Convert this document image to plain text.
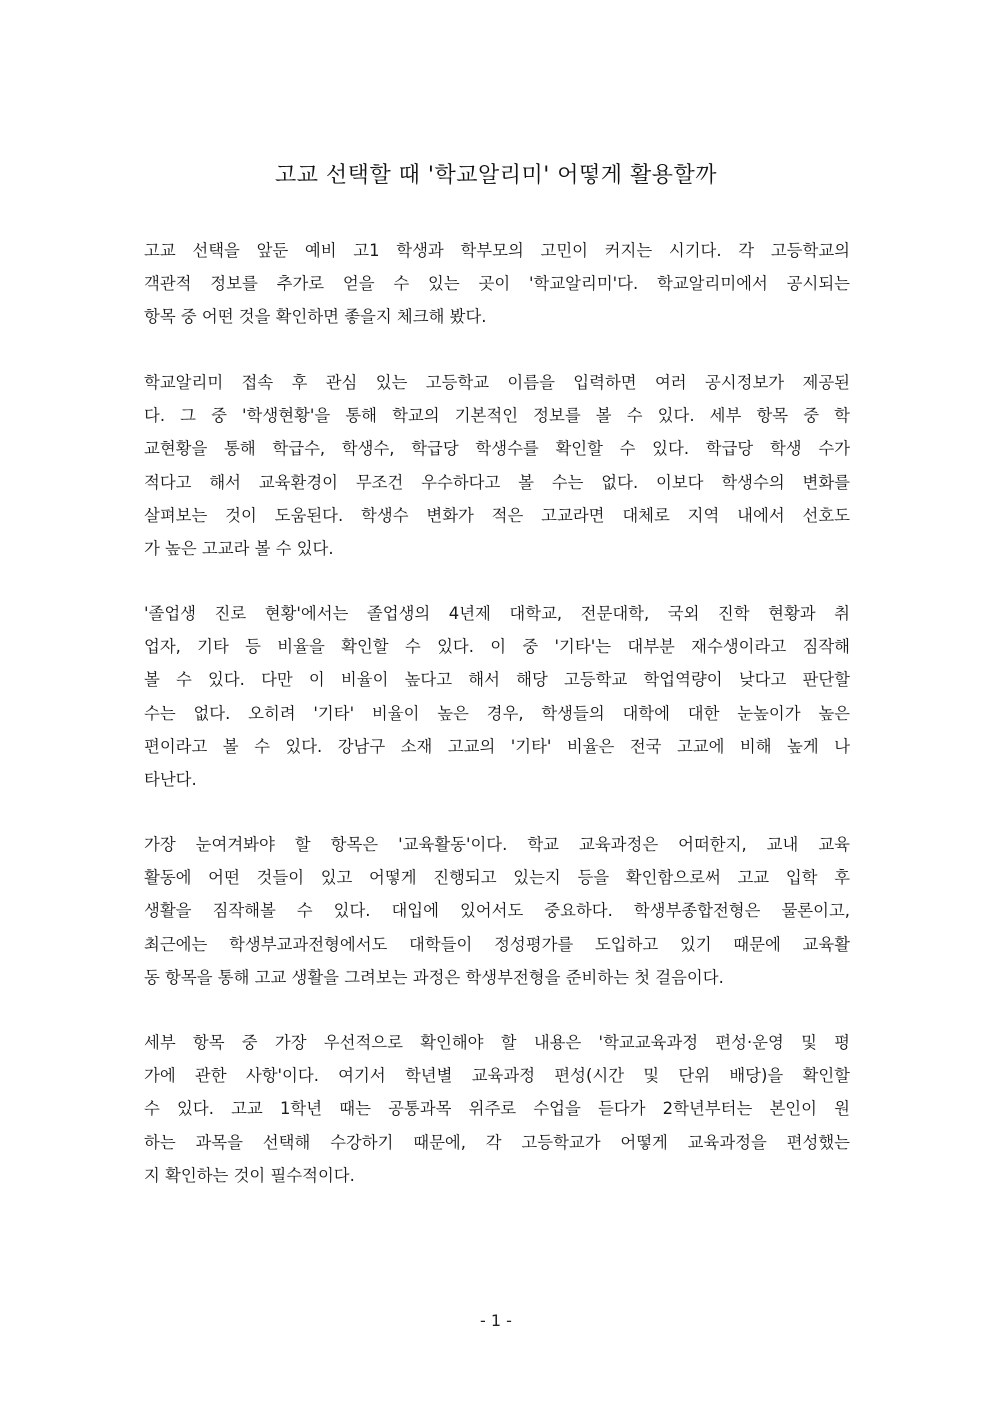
고교 선택할 때 '학교알리미' 어떻게 활용할까
고교 선택을 앞둔 예비 고1 학생과 학부모의 고민이 커지는 시기다. 각 고등학교의
객관적 정보를 추가로 얻을 수 있는 곳이 '학교알리미'다. 학교알리미에서 공시되는
항목 중 어떤 것을 확인하면 좋을지 체크해 봤다.
학교알리미 접속 후 관심 있는 고등학교 이름을 입력하면 여러 공시정보가 제공된
다. 그 중 '학생현황'을 통해 학교의 기본적인 정보를 볼 수 있다. 세부 항목 중 학
교현황을 통해 학급수, 학생수, 학급당 학생수를 확인할 수 있다. 학급당 학생 수가
적다고 해서 교육환경이 무조건 우수하다고 볼 수는 없다. 이보다 학생수의 변화를
살펴보는 것이 도움된다. 학생수 변화가 적은 고교라면 대체로 지역 내에서 선호도
가 높은 고교라 볼 수 있다.
'졸업생 진로 현황'에서는 졸업생의 4년제 대학교, 전문대학, 국외 진학 현황과 취
업자, 기타 등 비율을 확인할 수 있다. 이 중 '기타'는 대부분 재수생이라고 짐작해
볼 수 있다. 다만 이 비율이 높다고 해서 해당 고등학교 학업역량이 낮다고 판단할
수는 없다. 오히려 '기타' 비율이 높은 경우, 학생들의 대학에 대한 눈높이가 높은
편이라고 볼 수 있다. 강남구 소재 고교의 '기타' 비율은 전국 고교에 비해 높게 나
타난다.
가장 눈여겨봐야 할 항목은 '교육활동'이다. 학교 교육과정은 어떠한지, 교내 교육
활동에 어떤 것들이 있고 어떻게 진행되고 있는지 등을 확인함으로써 고교 입학 후
생활을 짐작해볼 수 있다. 대입에 있어서도 중요하다. 학생부종합전형은 물론이고,
최근에는 학생부교과전형에서도 대학들이 정성평가를 도입하고 있기 때문에 교육활
동 항목을 통해 고교 생활을 그려보는 과정은 학생부전형을 준비하는 첫 걸음이다.
세부 항목 중 가장 우선적으로 확인해야 할 내용은 '학교교육과정 편성·운영 및 평
가에 관한 사항'이다. 여기서 학년별 교육과정 편성(시간 및 단위 배당)을 확인할
수 있다. 고교 1학년 때는 공통과목 위주로 수업을 듣다가 2학년부터는 본인이 원
하는 과목을 선택해 수강하기 때문에, 각 고등학교가 어떻게 교육과정을 편성했는
지 확인하는 것이 필수적이다.
- 1 -
